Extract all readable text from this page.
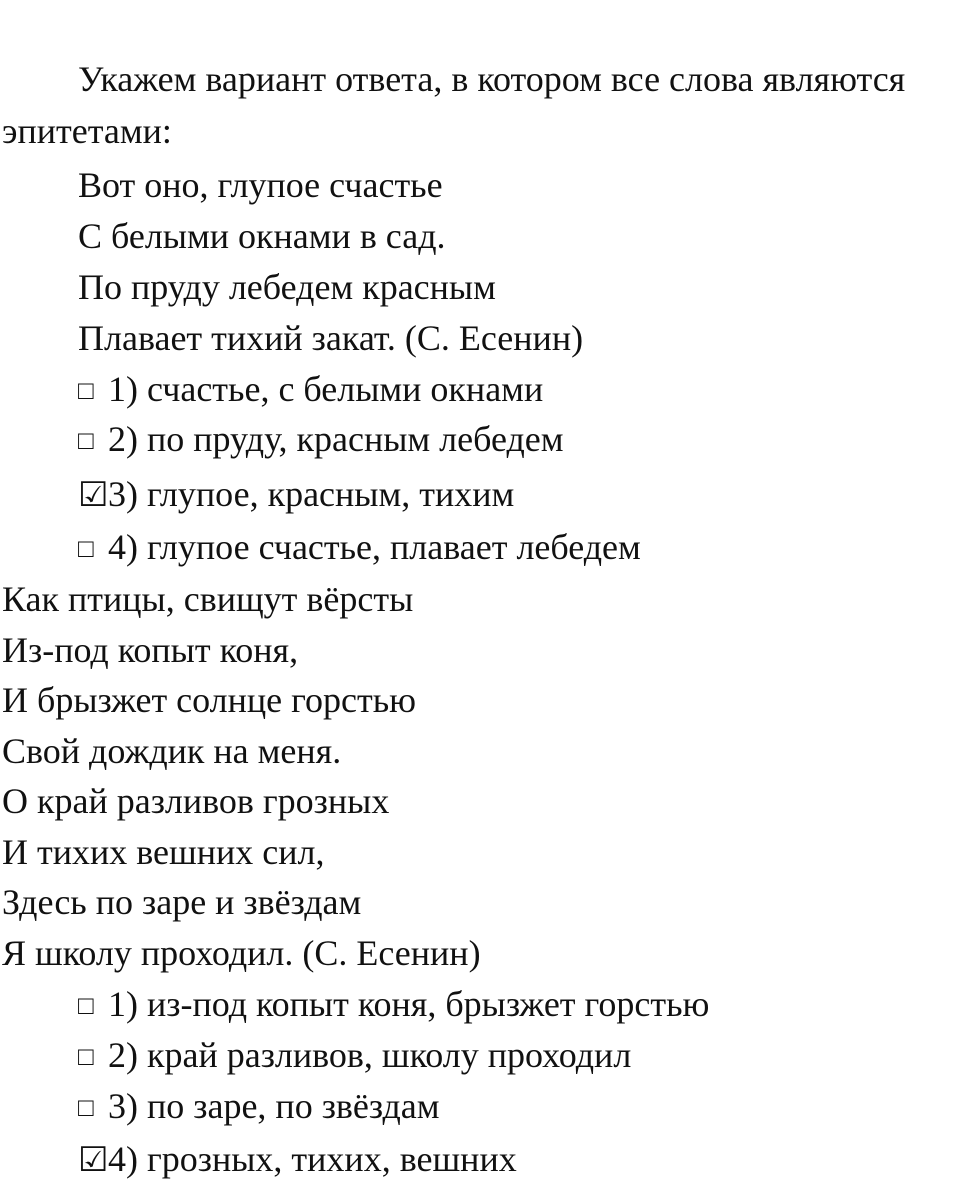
Укажем вариант ответа, в котором все слова являются
эпитетами:
Вот оно, глупое счастье
С белыми окнами в сад.
По пруду лебедем красным
Плавает тихий закат. (С. Есенин)
□ 1) счастье, с белыми окнами
□ 2) по пруду, красным лебедем
☑3) глупое, красным, тихим
□ 4) глупое счастье, плавает лебедем
Как птицы, свищут вёрсты
Из-под копыт коня,
И брызжет солнце горстью
Свой дождик на меня.
О край разливов грозных
И тихих вешних сил,
Здесь по заре и звёздам
Я школу проходил. (С. Есенин)
□ 1) из-под копыт коня, брызжет горстью
□ 2) край разливов, школу проходил
□ 3) по заре, по звёздам
☑4) грозных, тихих, вешних
